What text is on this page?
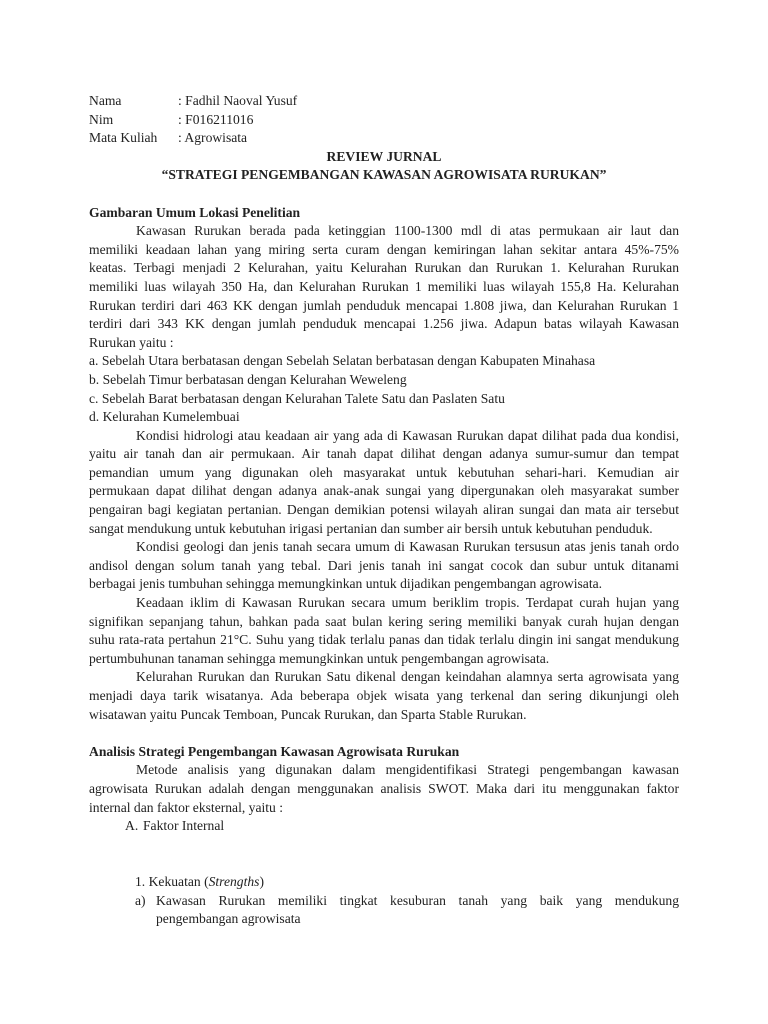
Nama	: Fadhil Naoval Yusuf
Nim	: F016211016
Mata Kuliah : Agrowisata
REVIEW JURNAL
“STRATEGI PENGEMBANGAN KAWASAN AGROWISATA RURUKAN”
Gambaran Umum Lokasi Penelitian
Kawasan Rurukan berada pada ketinggian 1100-1300 mdl di atas permukaan air laut dan
memiliki keadaan lahan yang miring serta curam dengan kemiringan lahan sekitar antara 45%-75%
keatas. Terbagi menjadi 2 Kelurahan, yaitu Kelurahan Rurukan dan Rurukan 1. Kelurahan Rurukan
memiliki luas wilayah 350 Ha, dan Kelurahan Rurukan 1 memiliki luas wilayah 155,8 Ha. Kelurahan
Rurukan terdiri dari 463 KK dengan jumlah penduduk mencapai 1.808 jiwa, dan Kelurahan Rurukan 1
terdiri dari 343 KK dengan jumlah penduduk mencapai 1.256 jiwa. Adapun batas wilayah Kawasan
Rurukan yaitu :
a. Sebelah Utara berbatasan dengan Sebelah Selatan berbatasan dengan Kabupaten Minahasa
b. Sebelah Timur berbatasan dengan Kelurahan Weweleng
c. Sebelah Barat berbatasan dengan Kelurahan Talete Satu dan Paslaten Satu
d. Kelurahan Kumelembuai
Kondisi hidrologi atau keadaan air yang ada di Kawasan Rurukan dapat dilihat pada dua kondisi,
yaitu air tanah dan air permukaan. Air tanah dapat dilihat dengan adanya sumur-sumur dan tempat
pemandian umum yang digunakan oleh masyarakat untuk kebutuhan sehari-hari. Kemudian air
permukaan dapat dilihat dengan adanya anak-anak sungai yang dipergunakan oleh masyarakat sumber
pengairan bagi kegiatan pertanian. Dengan demikian potensi wilayah aliran sungai dan mata air tersebut
sangat mendukung untuk kebutuhan irigasi pertanian dan sumber air bersih untuk kebutuhan penduduk.
Kondisi geologi dan jenis tanah secara umum di Kawasan Rurukan tersusun atas jenis tanah ordo
andisol dengan solum tanah yang tebal. Dari jenis tanah ini sangat cocok dan subur untuk ditanami
berbagai jenis tumbuhan sehingga memungkinkan untuk dijadikan pengembangan agrowisata.
Keadaan iklim di Kawasan Rurukan secara umum beriklim tropis. Terdapat curah hujan yang
signifikan sepanjang tahun, bahkan pada saat bulan kering sering memiliki banyak curah hujan dengan
suhu rata-rata pertahun 21°C. Suhu yang tidak terlalu panas dan tidak terlalu dingin ini sangat mendukung
pertumbuhunan tanaman sehingga memungkinkan untuk pengembangan agrowisata.
Kelurahan Rurukan dan Rurukan Satu dikenal dengan keindahan alamnya serta agrowisata yang
menjadi daya tarik wisatanya. Ada beberapa objek wisata yang terkenal dan sering dikunjungi oleh
wisatawan yaitu Puncak Temboan, Puncak Rurukan, dan Sparta Stable Rurukan.
Analisis Strategi Pengembangan Kawasan Agrowisata Rurukan
Metode analisis yang digunakan dalam mengidentifikasi Strategi pengembangan kawasan
agrowisata Rurukan adalah dengan menggunakan analisis SWOT. Maka dari itu menggunakan faktor
internal dan faktor eksternal, yaitu :
A. Faktor Internal
1. Kekuatan (Strengths)
a) Kawasan Rurukan memiliki tingkat kesuburan tanah yang baik yang mendukung
pengembangan agrowisata
